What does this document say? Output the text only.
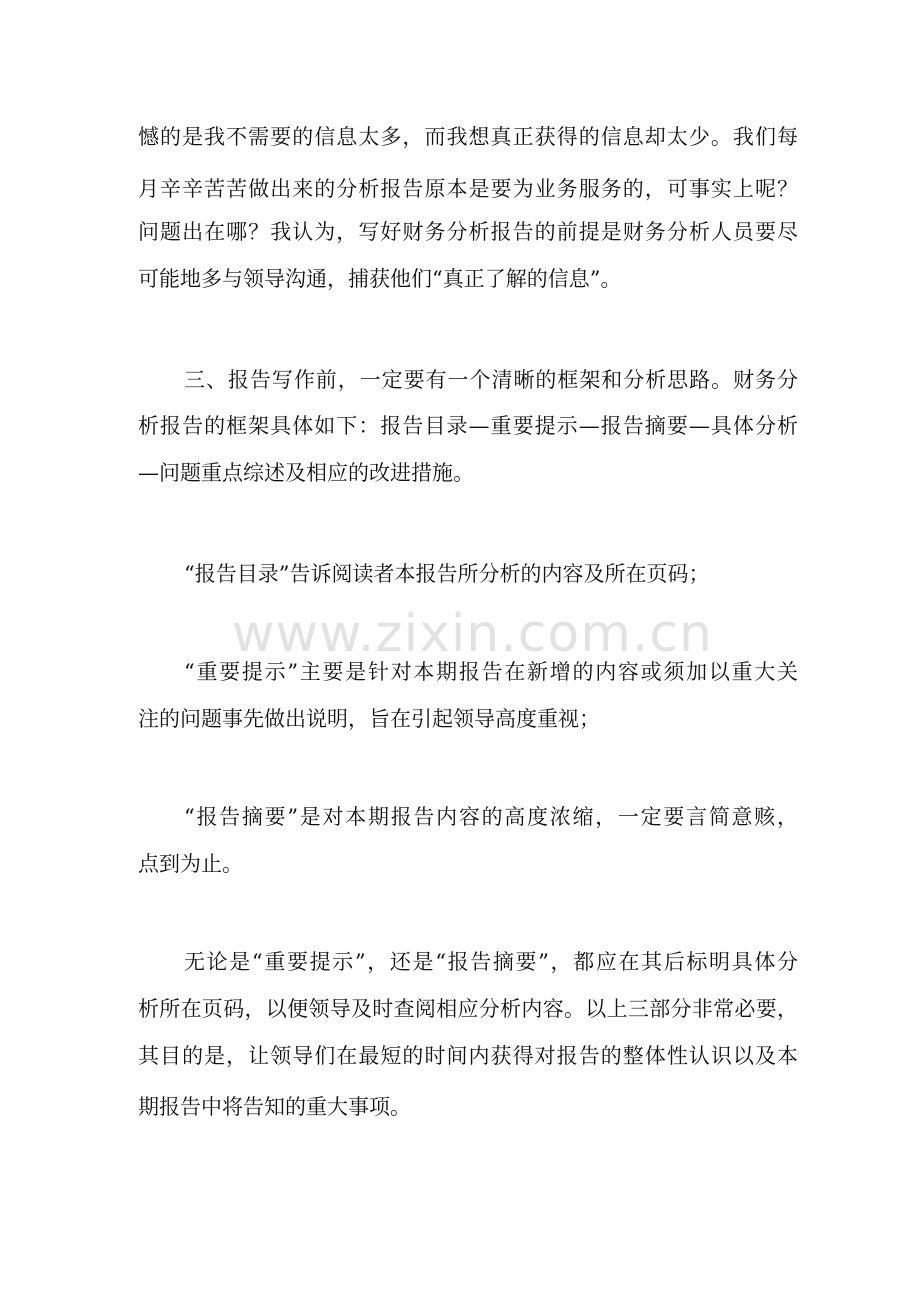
憾的是我不需要的信息太多，而我想真正获得的信息却太少。我们每
月辛辛苦苦做出来的分析报告原本是要为业务服务的，可事实上呢？
问题出在哪？我认为，写好财务分析报告的前提是财务分析人员要尽
可能地多与领导沟通，捕获他们“真正了解的信息”。
三、报告写作前，一定要有一个清晰的框架和分析思路。财务分
析报告的框架具体如下：报告目录—重要提示—报告摘要—具体分析
—问题重点综述及相应的改进措施。
“报告目录”告诉阅读者本报告所分析的内容及所在页码；
www.zixin.com.cn
“重要提示”主要是针对本期报告在新增的内容或须加以重大关
注的问题事先做出说明，旨在引起领导高度重视；
“报告摘要”是对本期报告内容的高度浓缩，一定要言简意赅，
点到为止。
无论是“重要提示”，还是“报告摘要”，都应在其后标明具体分
析所在页码，以便领导及时查阅相应分析内容。以上三部分非常必要，
其目的是，让领导们在最短的时间内获得对报告的整体性认识以及本
期报告中将告知的重大事项。
